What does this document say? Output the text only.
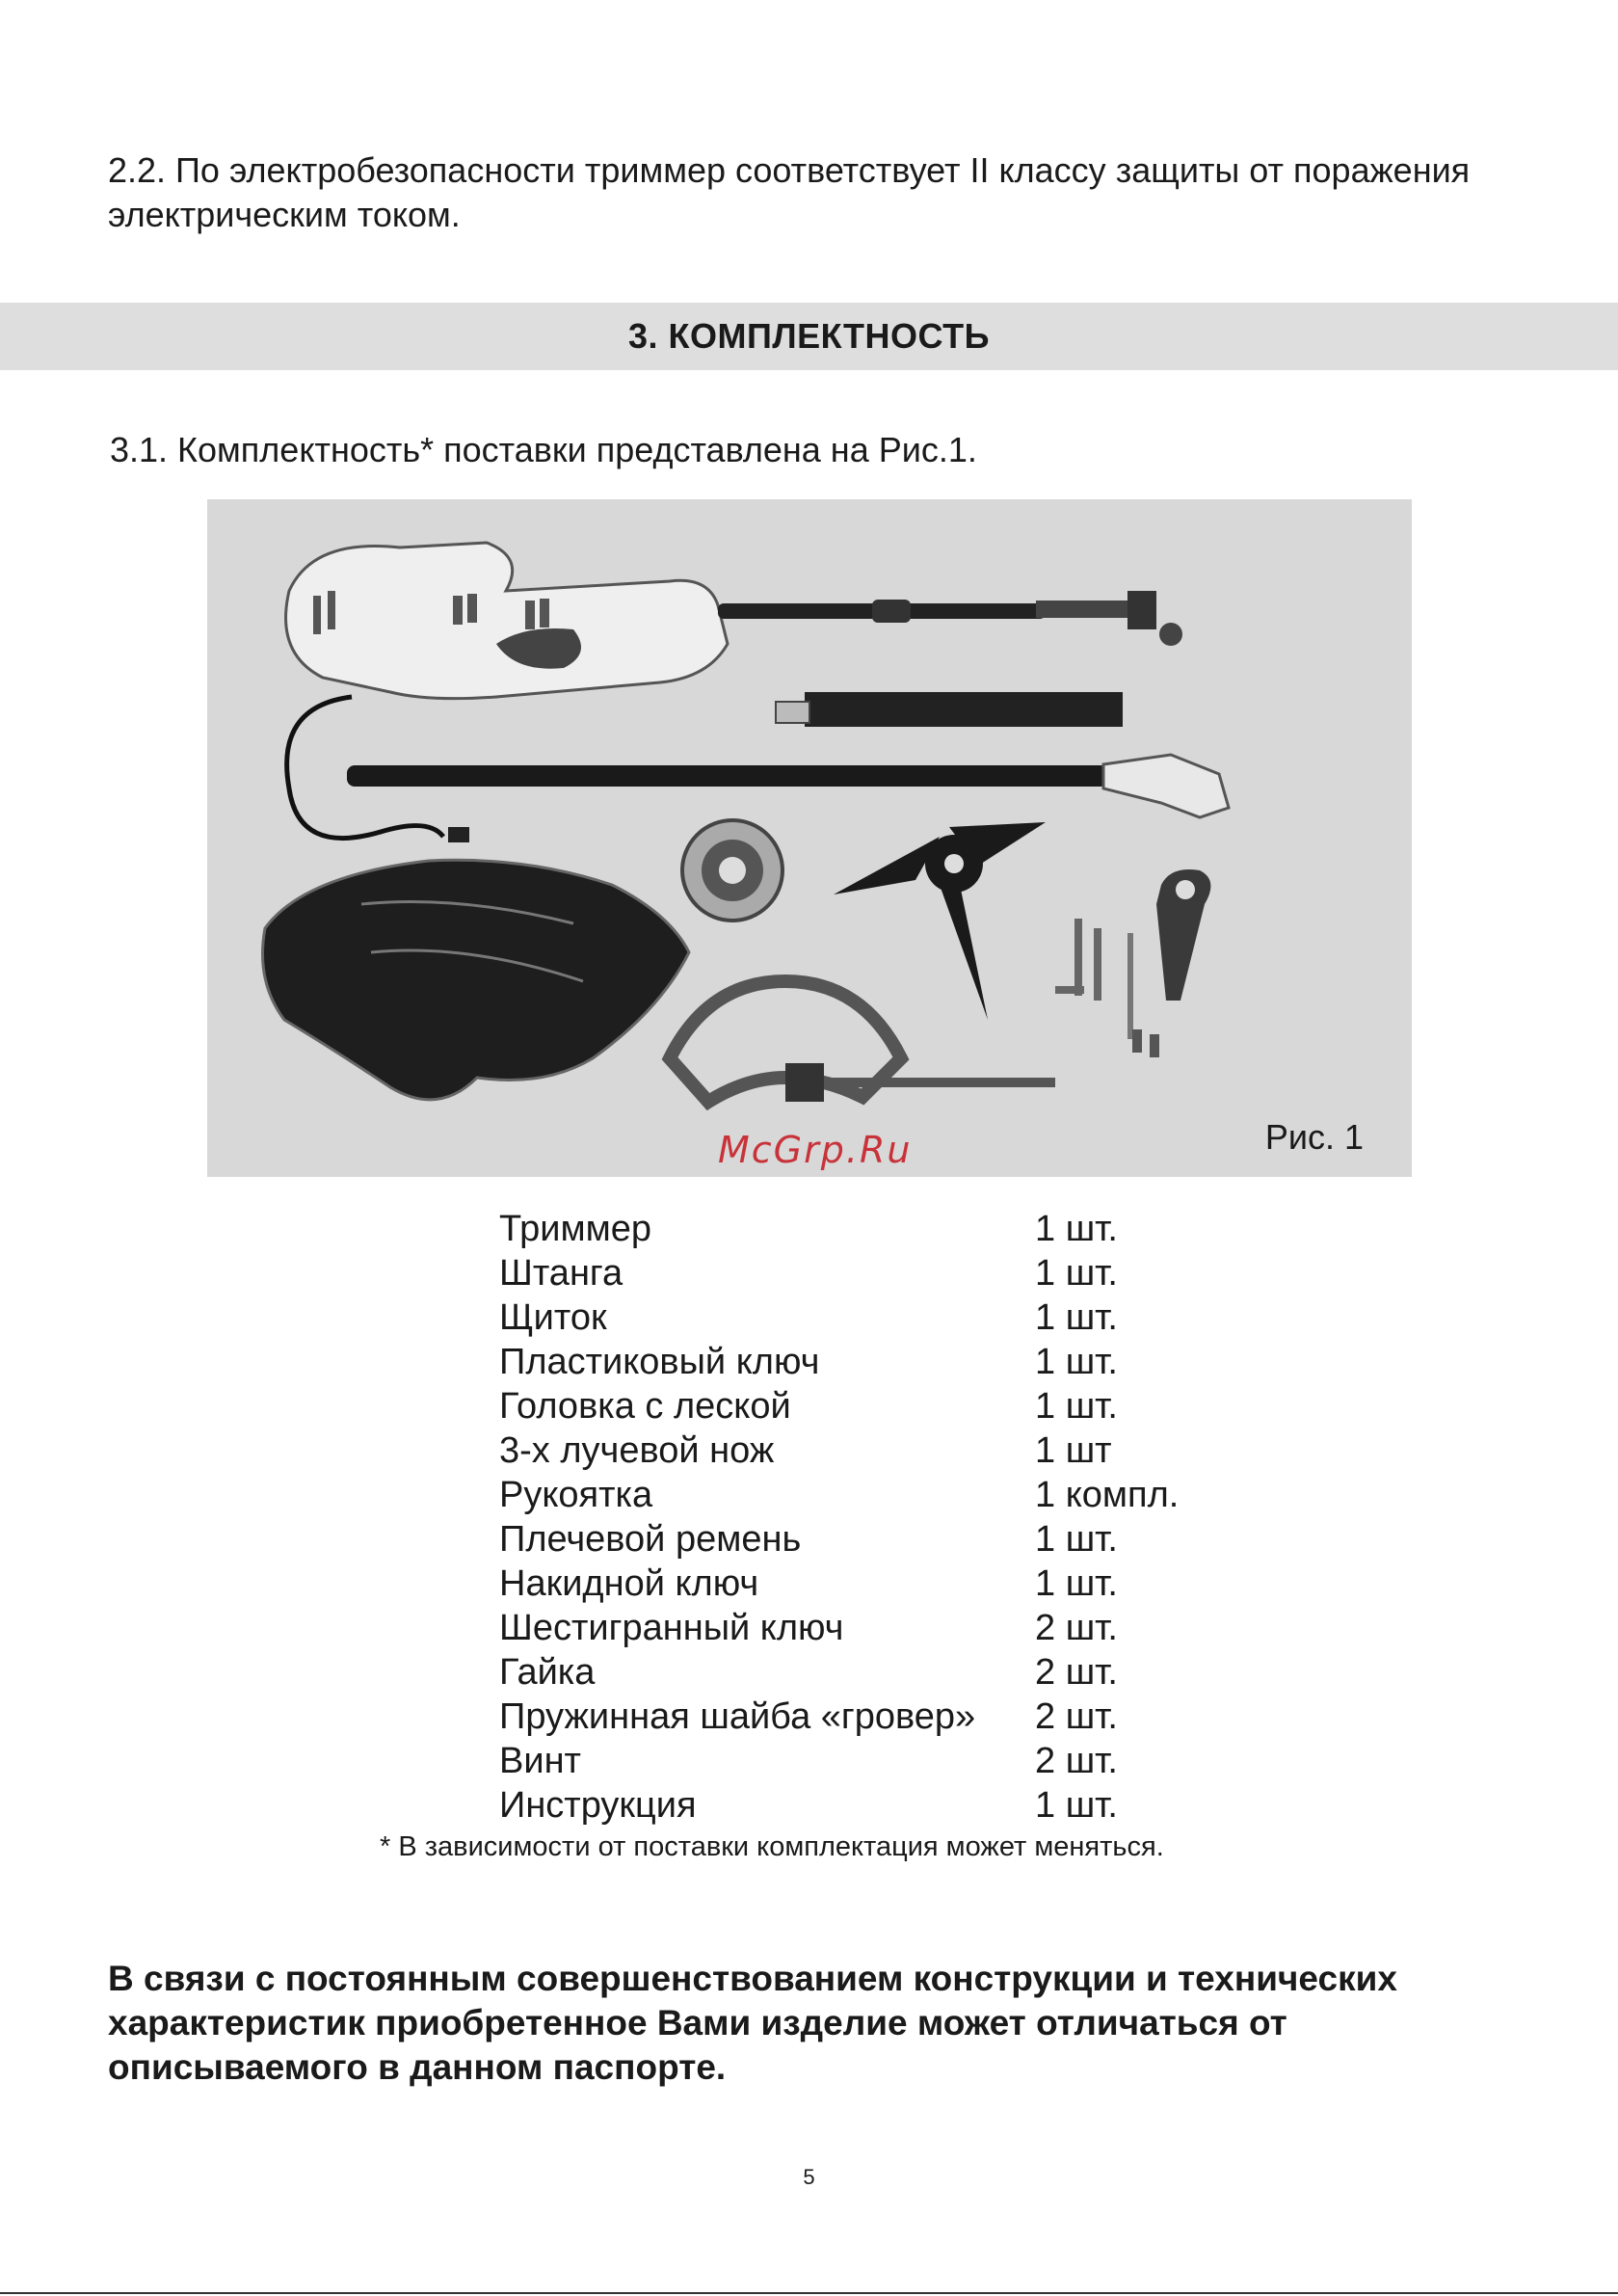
2.2. По электробезопасности триммер соответствует II классу защиты от поражения электрическим током.

3. КОМПЛЕКТНОСТЬ

3.1. Комплектность* поставки представлена на Рис.1.

McGrp.Ru	Рис. 1
Триммер	1 шт.
Штанга	1 шт.
Щиток	1 шт.
Пластиковый ключ	1 шт.
Головка с леской	1 шт.
3-х лучевой нож	1 шт
Рукоятка	1 компл.
Плечевой ремень	1 шт.
Накидной ключ	1 шт.
Шестигранный ключ	2 шт.
Гайка	2 шт.
Пружинная шайба «гровер»	2 шт.
Винт	2 шт.
Инструкция	1 шт.
* В зависимости от поставки комплектация может меняться.

В связи с постоянным совершенствованием конструкции и технических характеристик приобретенное Вами изделие может отличаться от описываемого в данном паспорте.

5
